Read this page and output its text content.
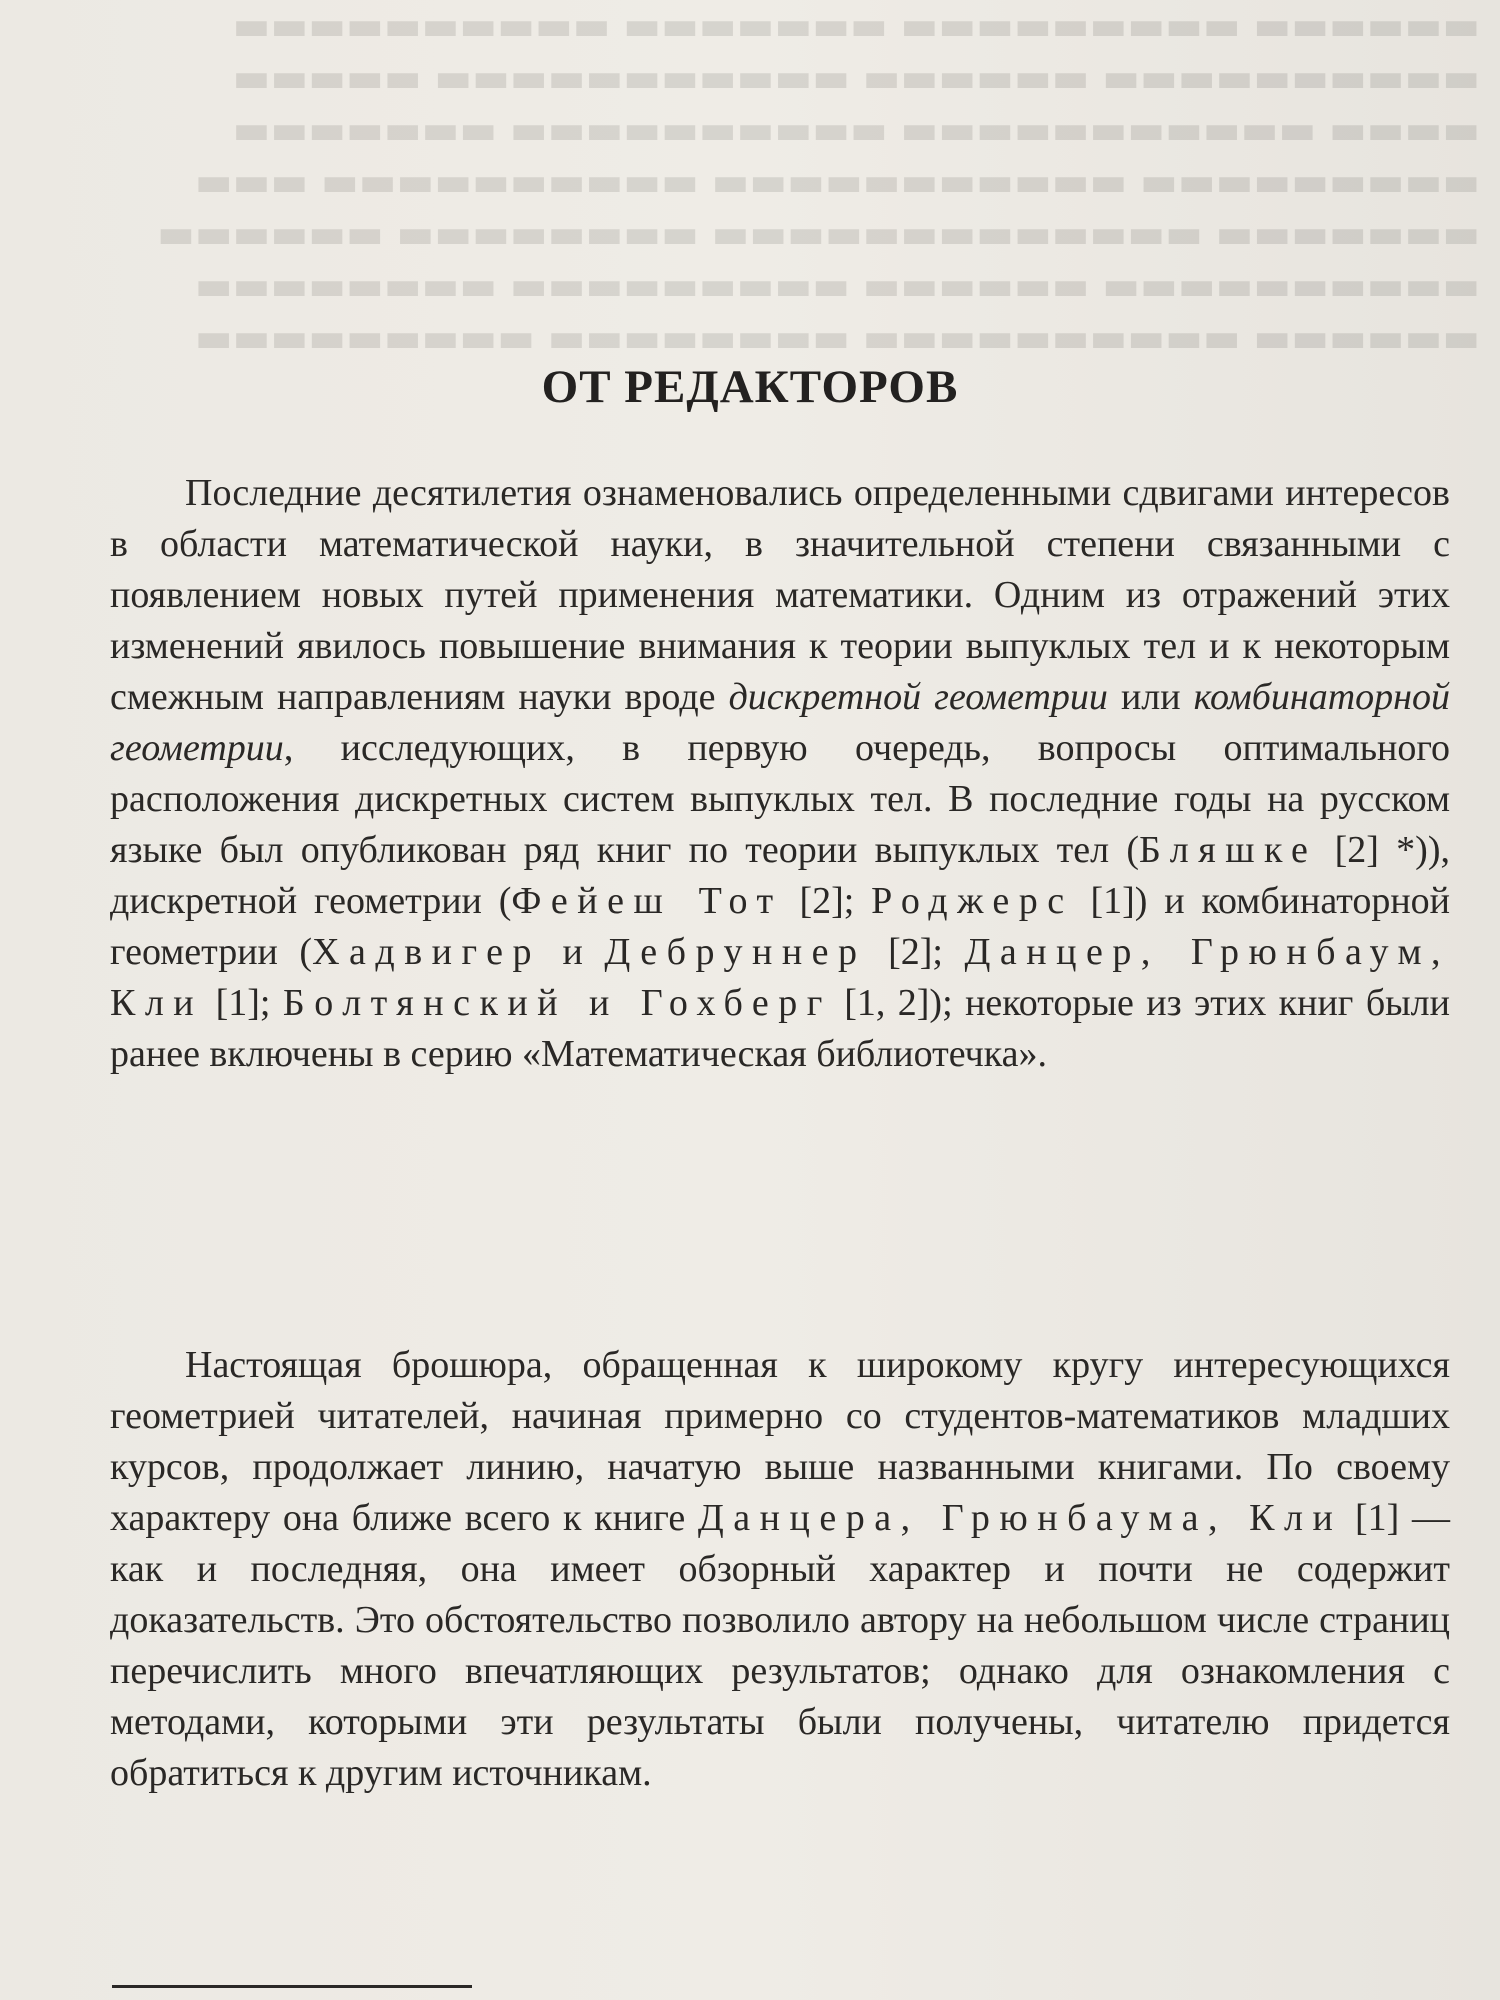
▬▬▬▬▬▬ ▬▬▬▬▬▬▬▬▬ ▬▬▬▬▬▬▬ ▬▬▬▬▬▬▬▬▬▬
▬▬▬▬▬▬▬▬▬▬ ▬▬▬▬▬▬ ▬▬▬▬▬▬▬▬▬▬▬ ▬▬▬▬▬
▬▬▬▬ ▬▬▬▬▬▬▬▬▬▬▬ ▬▬▬▬▬▬▬▬▬▬ ▬▬▬▬▬▬▬
▬▬▬▬▬▬▬▬▬ ▬▬▬▬▬▬▬▬▬▬▬ ▬▬▬▬▬▬▬▬▬▬ ▬▬▬
▬▬▬▬▬▬▬ ▬▬▬▬▬▬▬▬▬▬▬▬▬ ▬▬▬▬▬▬▬▬ ▬▬▬▬▬▬
▬▬▬▬▬▬▬▬▬▬ ▬▬▬▬▬▬ ▬▬▬▬▬▬▬▬▬ ▬▬▬▬▬▬▬▬
▬▬▬▬▬▬ ▬▬▬▬▬▬▬▬▬▬ ▬▬▬▬▬▬▬▬ ▬▬▬▬▬▬▬▬▬

ОТ РЕДАКТОРОВ

Последние десятилетия ознаменовались определенными сдвигами интересов в области математической науки, в значительной степени связанными с появлением новых путей применения математики. Одним из отражений этих изменений явилось повышение внимания к теории выпуклых тел и к некоторым смежным направлениям науки вроде дискретной геометрии или комбинаторной геометрии, исследующих, в первую очередь, вопросы оптимального расположения дискретных систем выпуклых тел. В последние годы на русском языке был опубликован ряд книг по теории выпуклых тел (Бляшке [2] *)), дискретной геометрии (Фейеш Тот [2]; Роджерс [1]) и комбинаторной геометрии (Хадвигер и Дебруннер [2]; Данцер, Грюнбаум, Кли [1]; Болтянский и Гохберг [1, 2]); некоторые из этих книг были ранее включены в серию «Математическая библиотечка».

Настоящая брошюра, обращенная к широкому кругу интересующихся геометрией читателей, начиная примерно со студентов-математиков младших курсов, продолжает линию, начатую выше названными книгами. По своему характеру она ближе всего к книге Данцера, Грюнбаума, Кли [1] — как и последняя, она имеет обзорный характер и почти не содержит доказательств. Это обстоятельство позволило автору на небольшом числе страниц перечислить много впечатляющих результатов; однако для ознакомления с методами, которыми эти результаты были получены, читателю придется обратиться к другим источникам.
